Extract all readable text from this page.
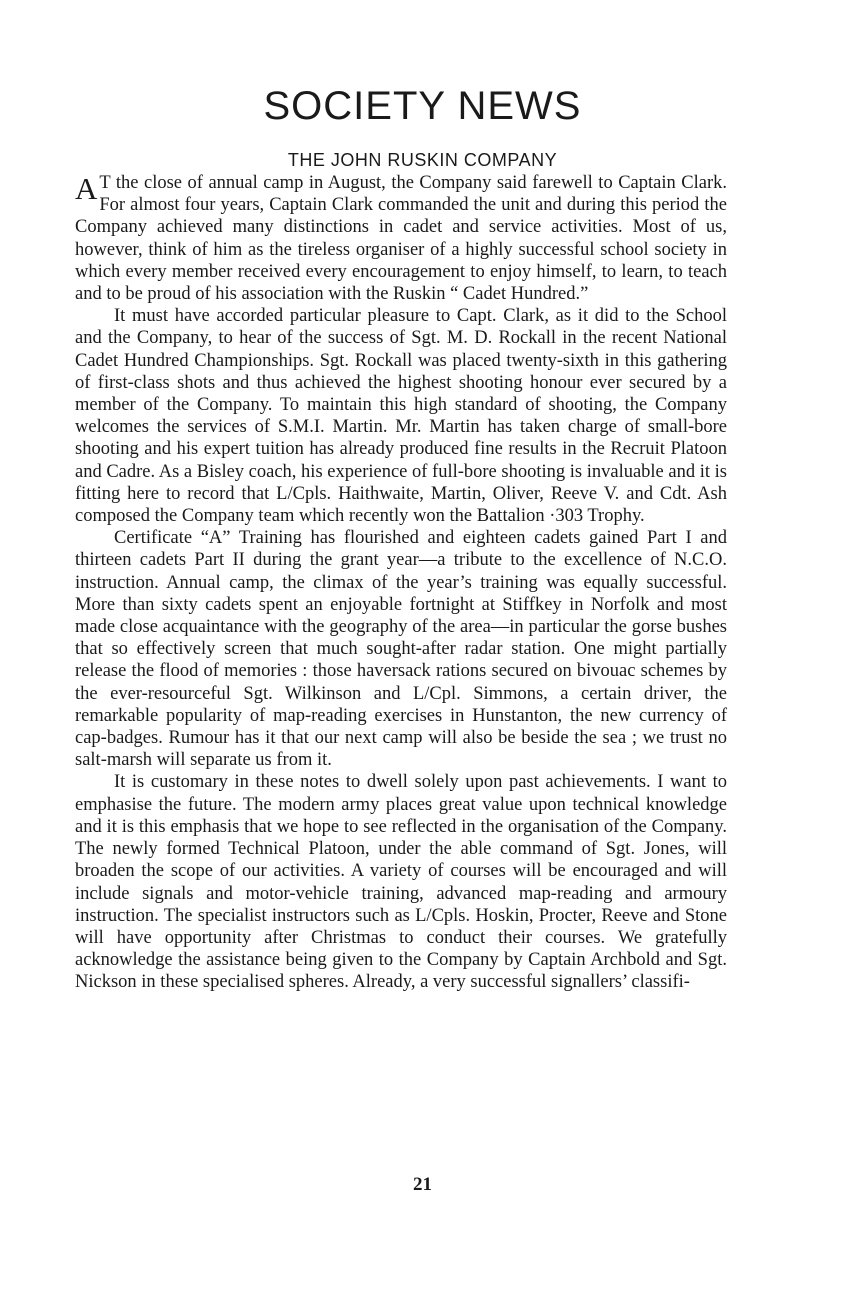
SOCIETY NEWS
THE JOHN RUSKIN COMPANY

A T the close of annual camp in August, the Company said farewell to Captain Clark. For almost four years, Captain Clark commanded the unit and during this period the Company achieved many distinctions in cadet and service activities. Most of us, however, think of him as the tireless organiser of a highly successful school society in which every member received every encouragement to enjoy himself, to learn, to teach and to be proud of his association with the Ruskin “ Cadet Hundred.”

It must have accorded particular pleasure to Capt. Clark, as it did to the School and the Company, to hear of the success of Sgt. M. D. Rockall in the recent National Cadet Hundred Championships. Sgt. Rockall was placed twenty-sixth in this gathering of first-class shots and thus achieved the highest shooting honour ever secured by a member of the Company. To maintain this high standard of shooting, the Company welcomes the services of S.M.I. Martin. Mr. Martin has taken charge of small-bore shooting and his expert tuition has already produced fine results in the Recruit Platoon and Cadre. As a Bisley coach, his experience of full-bore shooting is invaluable and it is fitting here to record that L/Cpls. Haithwaite, Martin, Oliver, Reeve V. and Cdt. Ash composed the Company team which recently won the Battalion ·303 Trophy.

Certificate “A” Training has flourished and eighteen cadets gained Part I and thirteen cadets Part II during the grant year—a tribute to the excellence of N.C.O. instruction. Annual camp, the climax of the year’s training was equally successful. More than sixty cadets spent an enjoyable fortnight at Stiffkey in Norfolk and most made close acquaintance with the geography of the area—in particular the gorse bushes that so effectively screen that much sought-after radar station. One might partially release the flood of memories : those haversack rations secured on bivouac schemes by the ever-resourceful Sgt. Wilkinson and L/Cpl. Simmons, a certain driver, the remarkable popularity of map-reading exercises in Hunstanton, the new currency of cap-badges. Rumour has it that our next camp will also be beside the sea ; we trust no salt-marsh will separate us from it.

It is customary in these notes to dwell solely upon past achievements. I want to emphasise the future. The modern army places great value upon technical knowledge and it is this emphasis that we hope to see reflected in the organisation of the Company. The newly formed Technical Platoon, under the able command of Sgt. Jones, will broaden the scope of our activities. A variety of courses will be encouraged and will include signals and motor-vehicle training, advanced map-reading and armoury instruction. The specialist instructors such as L/Cpls. Hoskin, Procter, Reeve and Stone will have opportunity after Christmas to conduct their courses. We gratefully acknowledge the assistance being given to the Company by Captain Archbold and Sgt. Nickson in these specialised spheres. Already, a very successful signallers’ classifi-

21
